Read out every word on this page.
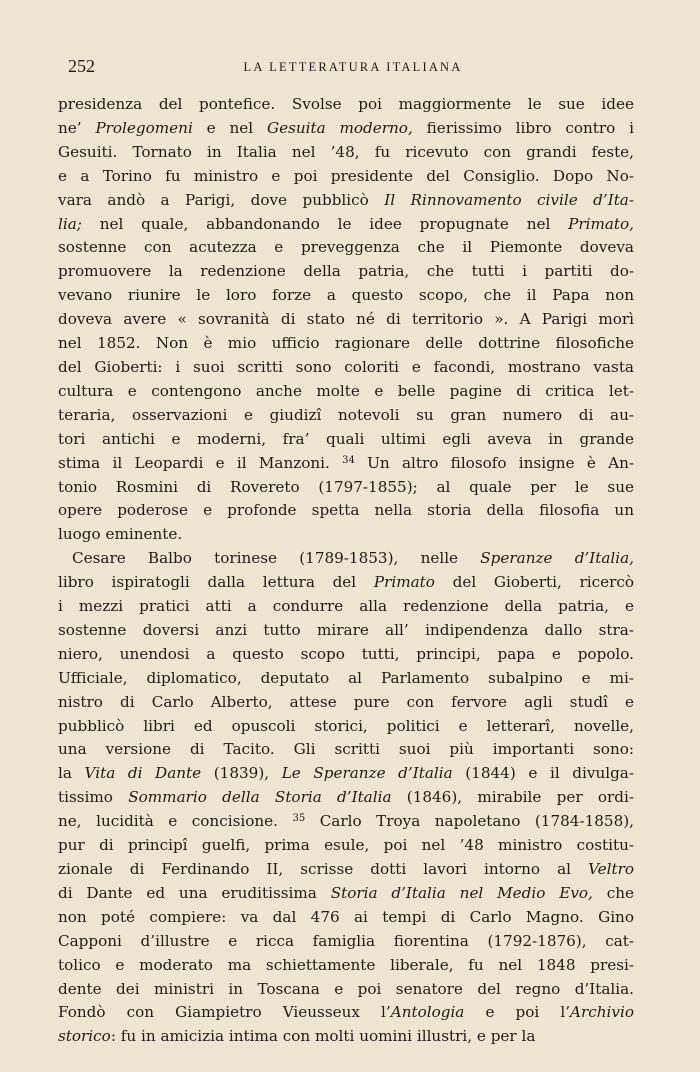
252	LA LETTERATURA ITALIANA
presidenza del pontefice. Svolse poi maggiormente le sue idee
ne’ Prolegomeni e nel Gesuita moderno, fierissimo libro contro i
Gesuiti. Tornato in Italia nel ’48, fu ricevuto con grandi feste,
e a Torino fu ministro e poi presidente del Consiglio. Dopo No-
vara andò a Parigi, dove pubblicò Il Rinnovamento civile d’Ita-
lia; nel quale, abbandonando le idee propugnate nel Primato,
sostenne con acutezza e preveggenza che il Piemonte doveva
promuovere la redenzione della patria, che tutti i partiti do-
vevano riunire le loro forze a questo scopo, che il Papa non
doveva avere « sovranità di stato né di territorio ». A Parigi morì
nel 1852. Non è mio ufficio ragionare delle dottrine filosofiche
del Gioberti: i suoi scritti sono coloriti e facondi, mostrano vasta
cultura e contengono anche molte e belle pagine di critica let-
teraria, osservazioni e giudizî notevoli su gran numero di au-
tori antichi e moderni, fra’ quali ultimi egli aveva in grande
stima il Leopardi e il Manzoni. $^{34}$ Un altro filosofo insigne è An-
tonio Rosmini di Rovereto (1797-1855); al quale per le sue
opere poderose e profonde spetta nella storia della filosofia un
luogo eminente.
Cesare Balbo torinese (1789-1853), nelle Speranze d’Italia,
libro ispiratogli dalla lettura del Primato del Gioberti, ricercò
i mezzi pratici atti a condurre alla redenzione della patria, e
sostenne doversi anzi tutto mirare all’ indipendenza dallo stra-
niero, unendosi a questo scopo tutti, principi, papa e popolo.
Ufficiale, diplomatico, deputato al Parlamento subalpino e mi-
nistro di Carlo Alberto, attese pure con fervore agli studî e
pubblicò libri ed opuscoli storici, politici e letterarî, novelle,
una versione di Tacito. Gli scritti suoi più importanti sono:
la Vita di Dante (1839), Le Speranze d’Italia (1844) e il divulga-
tissimo Sommario della Storia d’Italia (1846), mirabile per ordi-
ne, lucidità e concisione. $^{35}$ Carlo Troya napoletano (1784-1858),
pur di principî guelfi, prima esule, poi nel ’48 ministro costitu-
zionale di Ferdinando II, scrisse dotti lavori intorno al Veltro
di Dante ed una eruditissima Storia d’Italia nel Medio Evo, che
non poté compiere: va dal 476 ai tempi di Carlo Magno. Gino
Capponi d’illustre e ricca famiglia fiorentina (1792-1876), cat-
tolico e moderato ma schiettamente liberale, fu nel 1848 presi-
dente dei ministri in Toscana e poi senatore del regno d’Italia.
Fondò con Giampietro Vieusseux l’Antologia e poi l’Archivio
storico: fu in amicizia intima con molti uomini illustri, e per la
